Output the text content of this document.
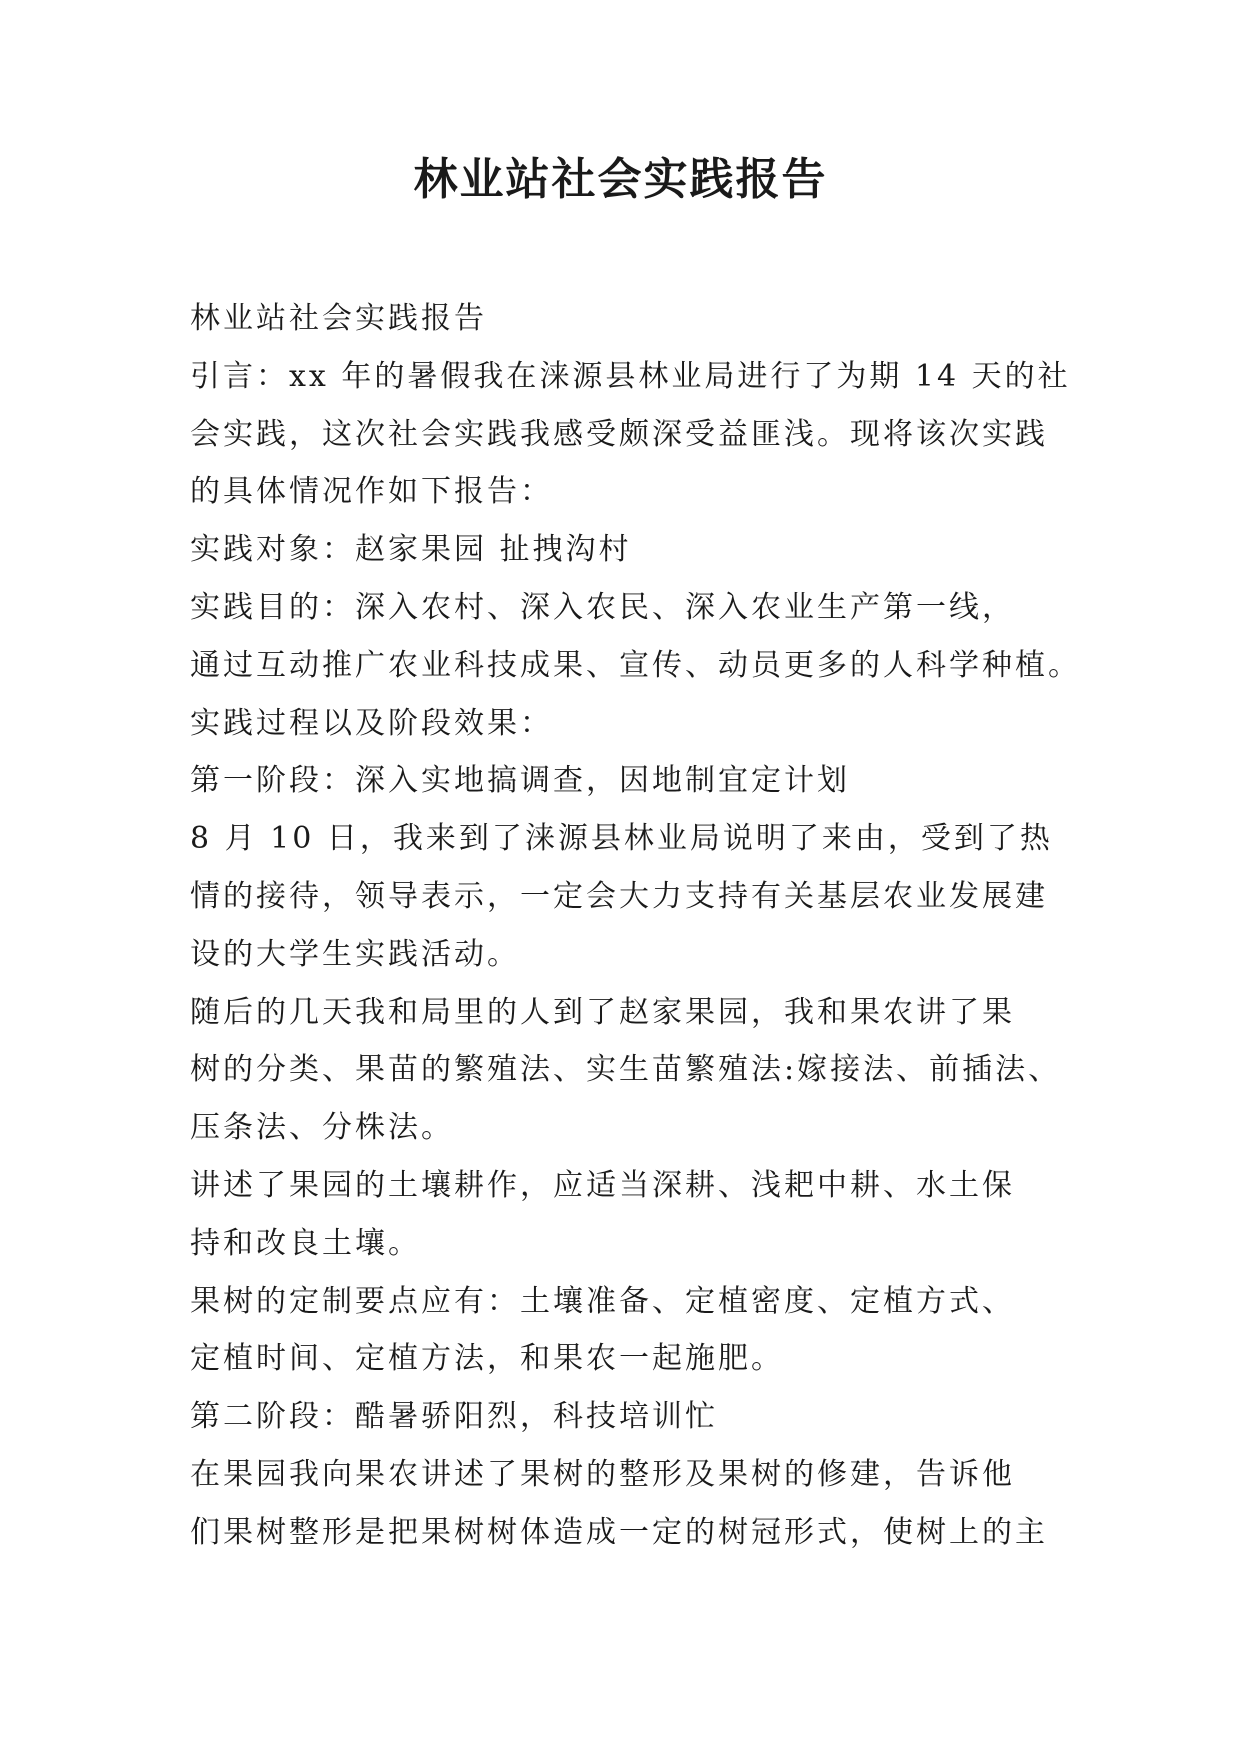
林业站社会实践报告

林业站社会实践报告

引言：xx 年的暑假我在涞源县林业局进行了为期 14 天的社

会实践，这次社会实践我感受颇深受益匪浅。现将该次实践

的具体情况作如下报告：

实践对象：赵家果园 扯拽沟村

实践目的：深入农村、深入农民、深入农业生产第一线，

通过互动推广农业科技成果、宣传、动员更多的人科学种植。

实践过程以及阶段效果：

第一阶段：深入实地搞调查，因地制宜定计划

8 月 10 日，我来到了涞源县林业局说明了来由，受到了热

情的接待，领导表示，一定会大力支持有关基层农业发展建

设的大学生实践活动。

随后的几天我和局里的人到了赵家果园，我和果农讲了果

树的分类、果苗的繁殖法、实生苗繁殖法:嫁接法、前插法、

压条法、分株法。

讲述了果园的土壤耕作，应适当深耕、浅耙中耕、水土保

持和改良土壤。

果树的定制要点应有：土壤准备、定植密度、定植方式、

定植时间、定植方法，和果农一起施肥。

第二阶段：酷暑骄阳烈，科技培训忙

在果园我向果农讲述了果树的整形及果树的修建，告诉他

们果树整形是把果树树体造成一定的树冠形式，使树上的主
